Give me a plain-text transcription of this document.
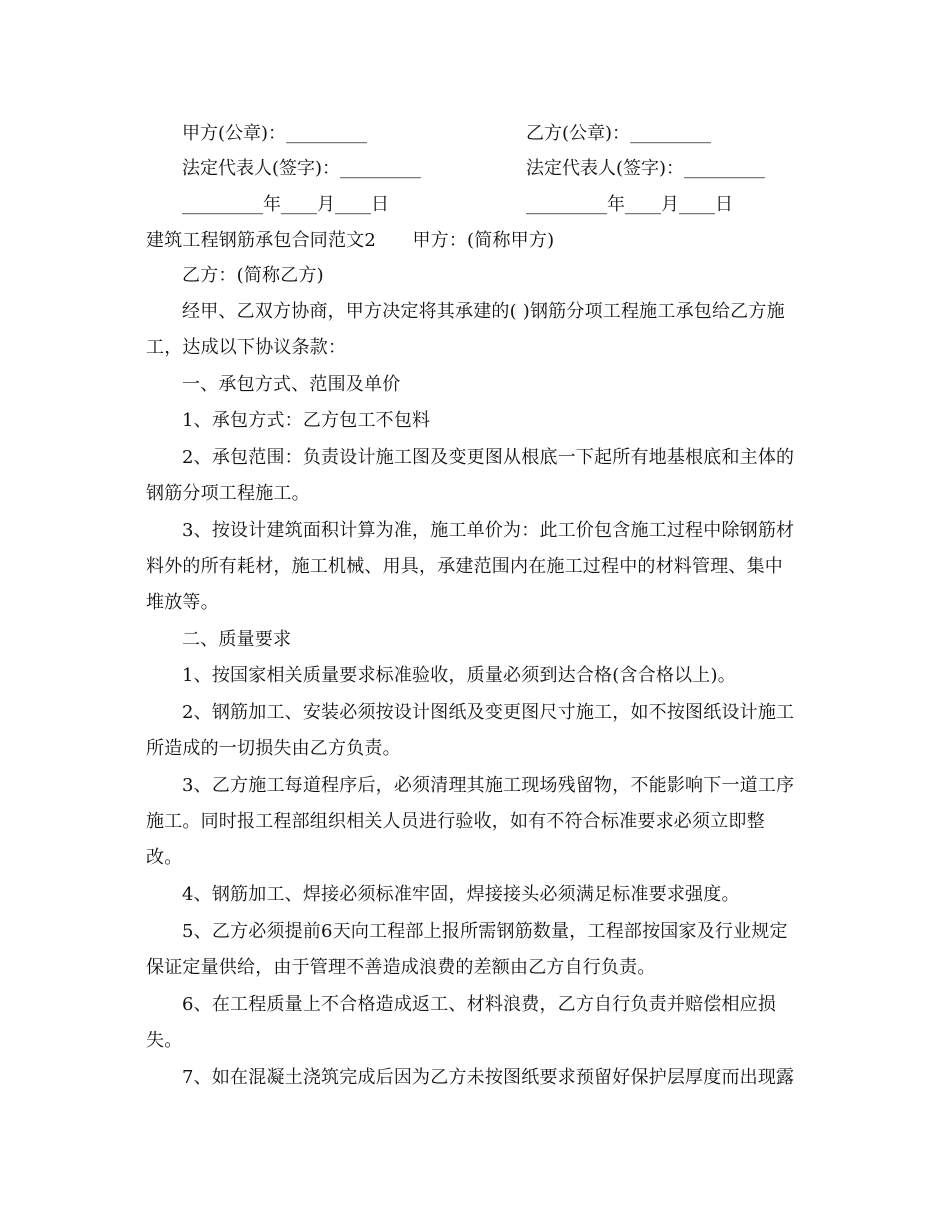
甲方(公章)：_________	乙方(公章)：_________
法定代表人(签字)：_________	法定代表人(签字)：_________
_________年____月____日	_________年____月____日
建筑工程钢筋承包合同范文2　　甲方：(简称甲方)
乙方：(简称乙方)
经甲、乙双方协商，甲方决定将其承建的( )钢筋分项工程施工承包给乙方施
工，达成以下协议条款：
一、承包方式、范围及单价
1、承包方式：乙方包工不包料
2、承包范围：负责设计施工图及变更图从根底一下起所有地基根底和主体的
钢筋分项工程施工。
3、按设计建筑面积计算为准，施工单价为：此工价包含施工过程中除钢筋材
料外的所有耗材，施工机械、用具，承建范围内在施工过程中的材料管理、集中
堆放等。
二、质量要求
1、按国家相关质量要求标准验收，质量必须到达合格(含合格以上)。
2、钢筋加工、安装必须按设计图纸及变更图尺寸施工，如不按图纸设计施工
所造成的一切损失由乙方负责。
3、乙方施工每道程序后，必须清理其施工现场残留物，不能影响下一道工序
施工。同时报工程部组织相关人员进行验收，如有不符合标准要求必须立即整
改。
4、钢筋加工、焊接必须标准牢固，焊接接头必须满足标准要求强度。
5、乙方必须提前6天向工程部上报所需钢筋数量，工程部按国家及行业规定
保证定量供给，由于管理不善造成浪费的差额由乙方自行负责。
6、在工程质量上不合格造成返工、材料浪费，乙方自行负责并赔偿相应损
失。
7、如在混凝土浇筑完成后因为乙方未按图纸要求预留好保护层厚度而出现露
